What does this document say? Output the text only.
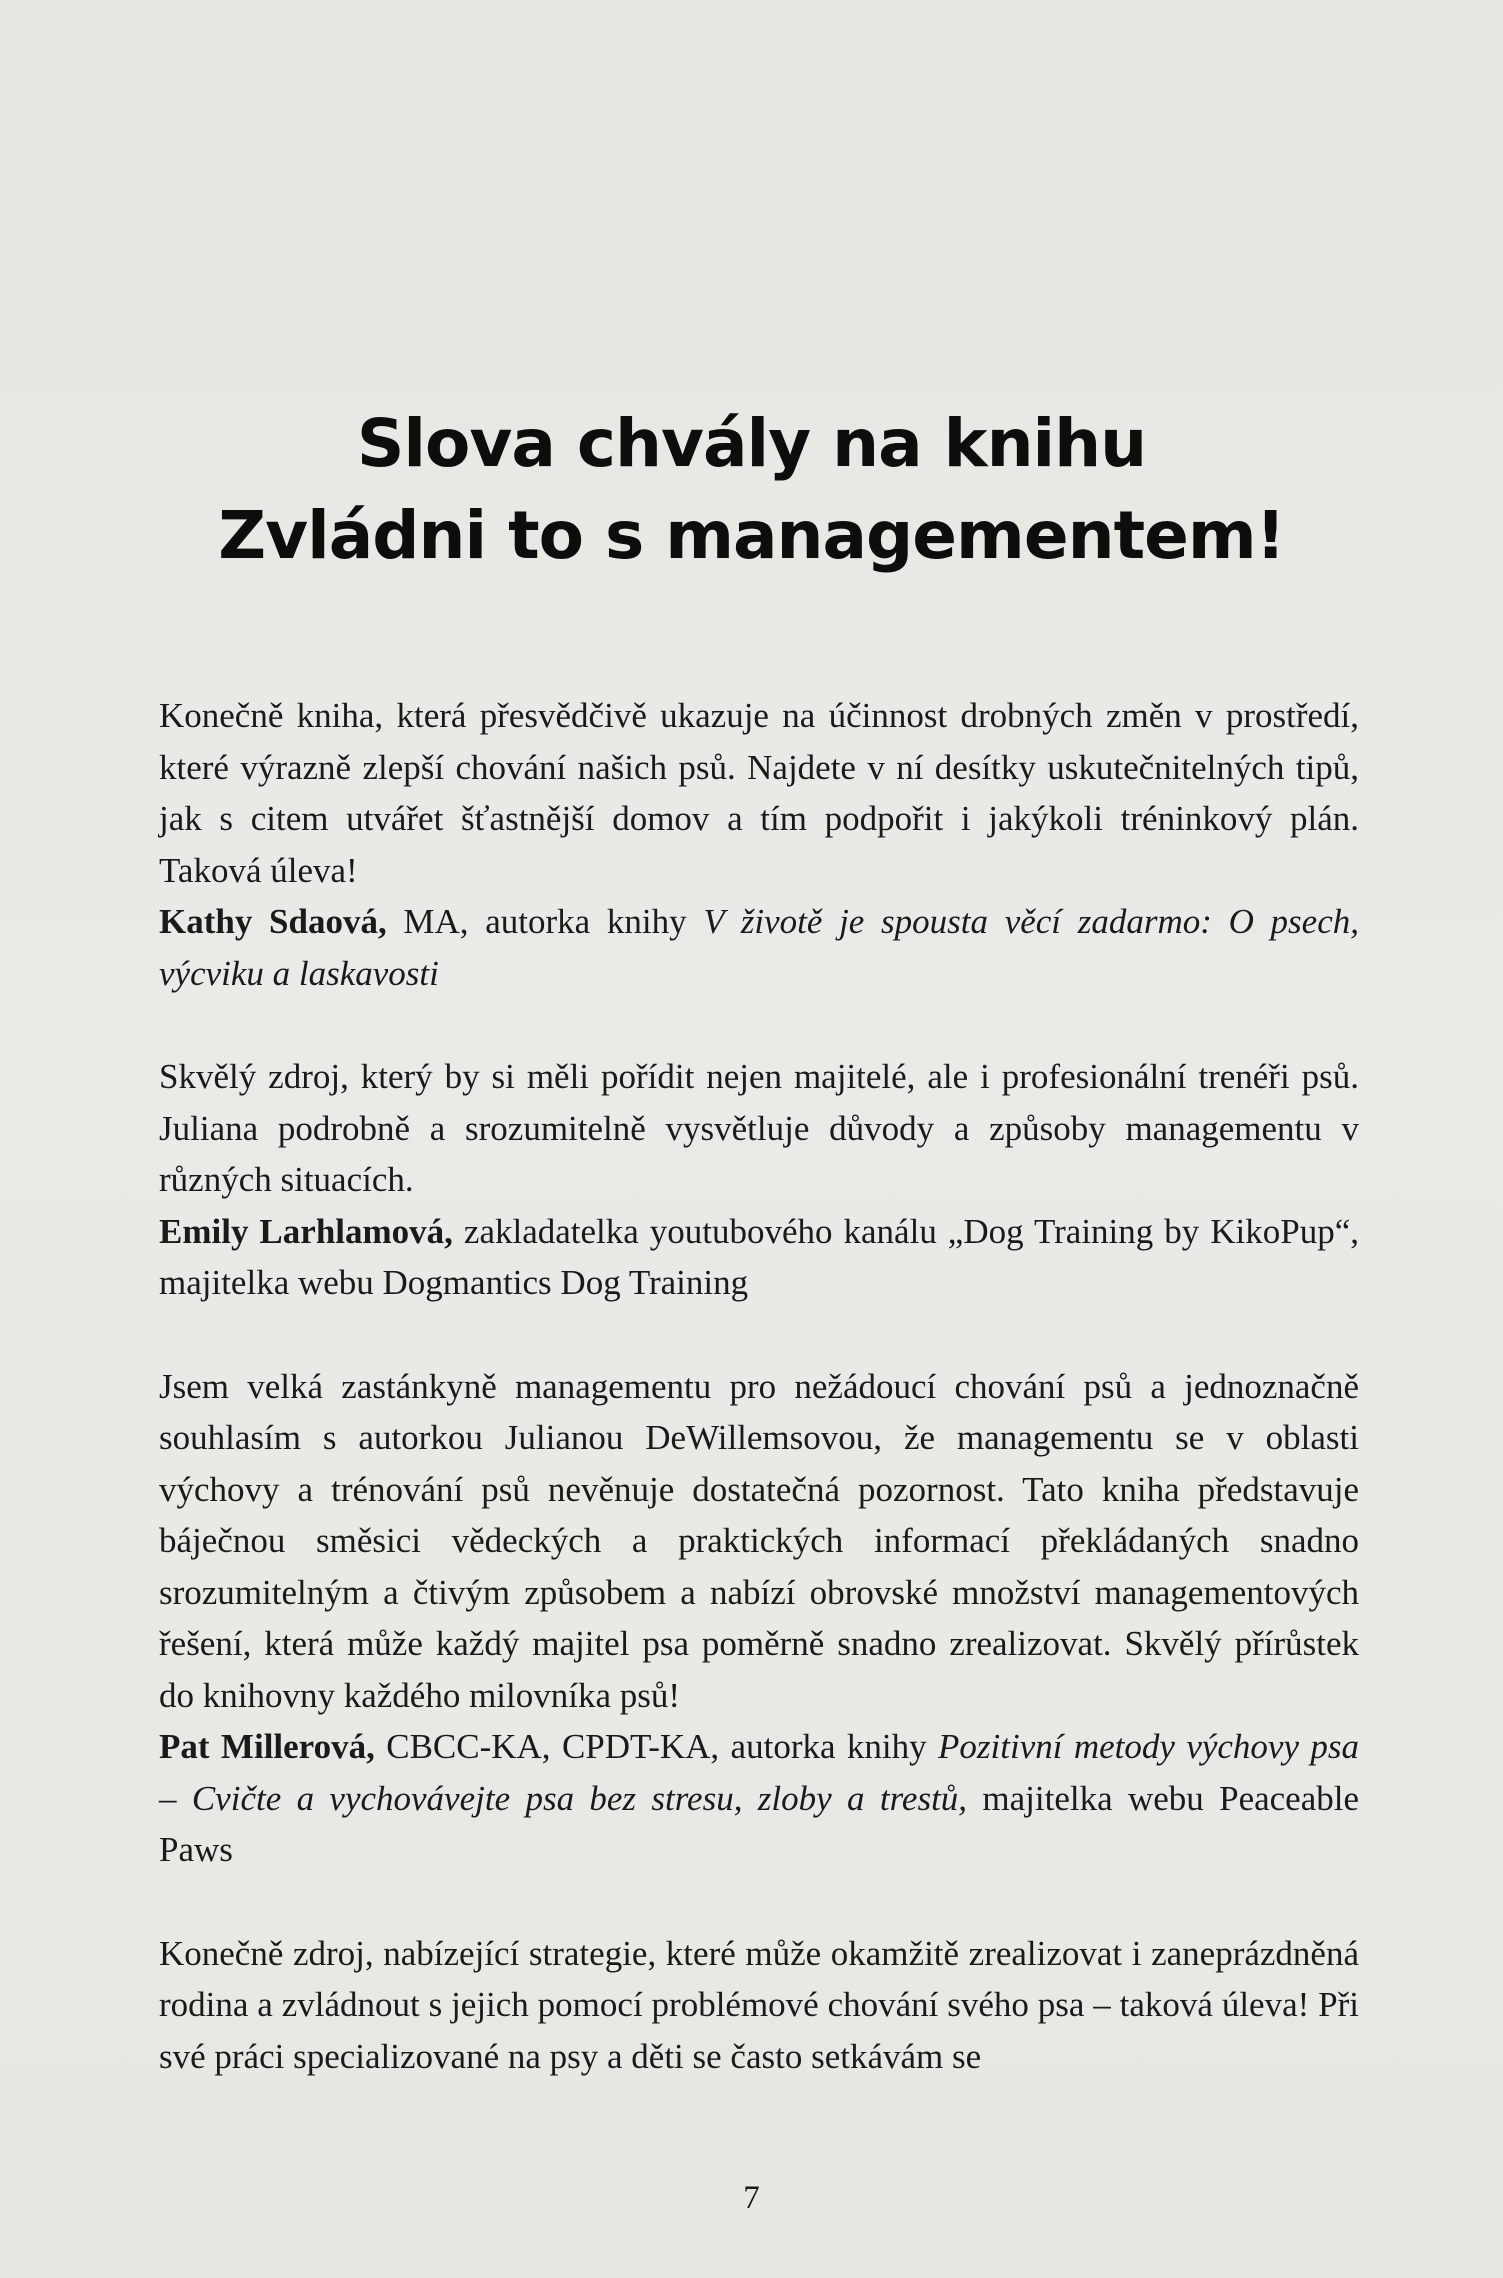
Slova chvály na knihu
Zvládni to s managementem!

Konečně kniha, která přesvědčivě ukazuje na účinnost drobných změn v prostředí, které výrazně zlepší chování našich psů. Najdete v ní desítky uskutečnitelných tipů, jak s citem utvářet šťastnější domov a tím podpořit i jakýkoli tréninkový plán. Taková úleva!

Kathy Sdaová, MA, autorka knihy V životě je spousta věcí zadarmo: O psech, výcviku a laskavosti

Skvělý zdroj, který by si měli pořídit nejen majitelé, ale i profesionální trenéři psů. Juliana podrobně a srozumitelně vysvětluje důvody a způsoby managementu v různých situacích.

Emily Larhlamová, zakladatelka youtubového kanálu „Dog Training by KikoPup“, majitelka webu Dogmantics Dog Training

Jsem velká zastánkyně managementu pro nežádoucí chování psů a jednoznačně souhlasím s autorkou Julianou DeWillemsovou, že managementu se v oblasti výchovy a trénování psů nevěnuje dostatečná pozornost. Tato kniha představuje báječnou směsici vědeckých a praktických informací překládaných snadno srozumitelným a čtivým způsobem a nabízí obrovské množství managementových řešení, která může každý majitel psa poměrně snadno zrealizovat. Skvělý přírůstek do knihovny každého milovníka psů!

Pat Millerová, CBCC-KA, CPDT-KA, autorka knihy Pozitivní metody výchovy psa – Cvičte a vychovávejte psa bez stresu, zloby a trestů, majitelka webu Peaceable Paws

Konečně zdroj, nabízející strategie, které může okamžitě zrealizovat i zaneprázdněná rodina a zvládnout s jejich pomocí problémové chování svého psa – taková úleva! Při své práci specializované na psy a děti se často setkávám se

7
